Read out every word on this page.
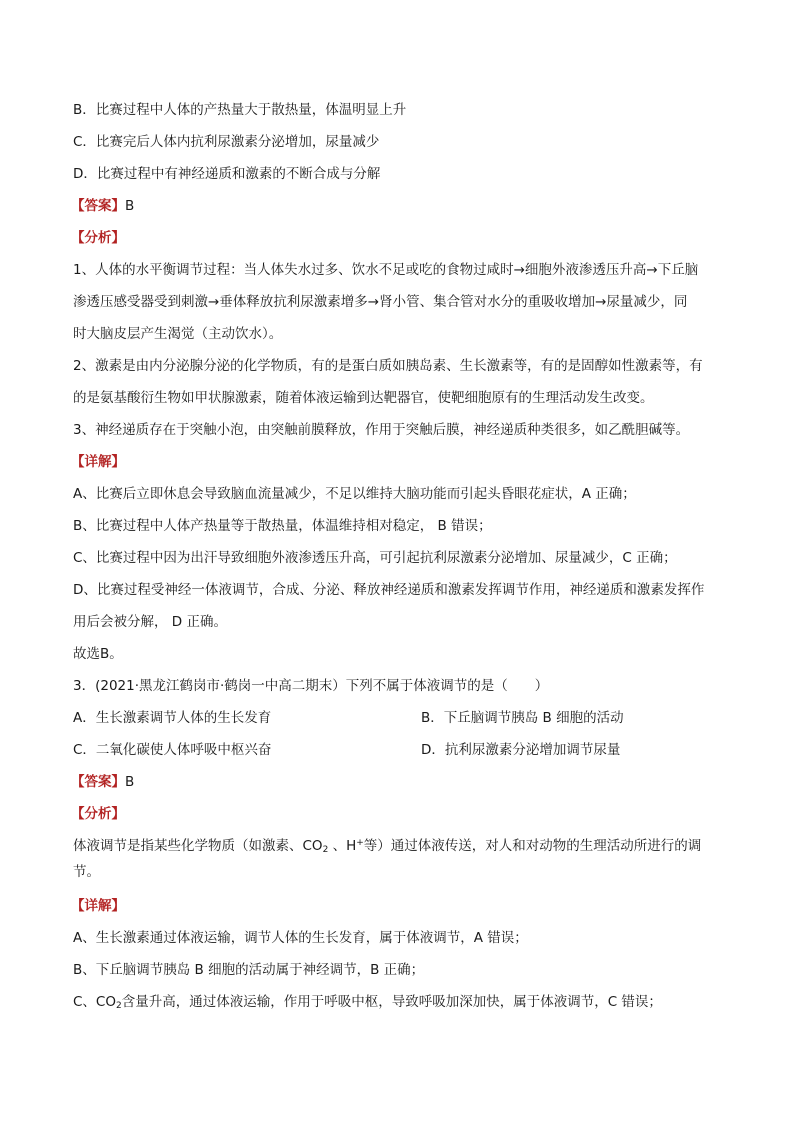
B．比赛过程中人体的产热量大于散热量，体温明显上升
C．比赛完后人体内抗利尿激素分泌增加，尿量减少
D．比赛过程中有神经递质和激素的不断合成与分解
【答案】B
【分析】
1、人体的水平衡调节过程：当人体失水过多、饮水不足或吃的食物过咸时→细胞外液渗透压升高→下丘脑
渗透压感受器受到刺激→垂体释放抗利尿激素增多→肾小管、集合管对水分的重吸收增加→尿量减少，同
时大脑皮层产生渴觉（主动饮水）。
2、激素是由内分泌腺分泌的化学物质，有的是蛋白质如胰岛素、生长激素等，有的是固醇如性激素等，有
的是氨基酸衍生物如甲状腺激素，随着体液运输到达靶器官，使靶细胞原有的生理活动发生改变。
3、神经递质存在于突触小泡，由突触前膜释放，作用于突触后膜，神经递质种类很多，如乙酰胆碱等。
【详解】
A、比赛后立即休息会导致脑血流量减少，不足以维持大脑功能而引起头昏眼花症状，A 正确；
B、比赛过程中人体产热量等于散热量，体温维持相对稳定， B 错误；
C、比赛过程中因为出汗导致细胞外液渗透压升高，可引起抗利尿激素分泌增加、尿量减少，C 正确；
D、比赛过程受神经一体液调节，合成、分泌、释放神经递质和激素发挥调节作用，神经递质和激素发挥作
用后会被分解， D 正确。
故选B。
3．(2021·黑龙江鹤岗市·鹤岗一中高二期末）下列不属于体液调节的是（　　）
A．生长激素调节人体的生长发育	B．下丘脑调节胰岛 B 细胞的活动
C．二氧化碳使人体呼吸中枢兴奋	D．抗利尿激素分泌增加调节尿量
【答案】B
【分析】
体液调节是指某些化学物质（如激素、$CO_2$ 、H+等）通过体液传送，对人和对动物的生理活动所进行的调
节。
【详解】
A、生长激素通过体液运输，调节人体的生长发育，属于体液调节，A 错误；
B、下丘脑调节胰岛 B 细胞的活动属于神经调节，B 正确；
C、$CO_2$含量升高，通过体液运输，作用于呼吸中枢，导致呼吸加深加快，属于体液调节，C 错误；
